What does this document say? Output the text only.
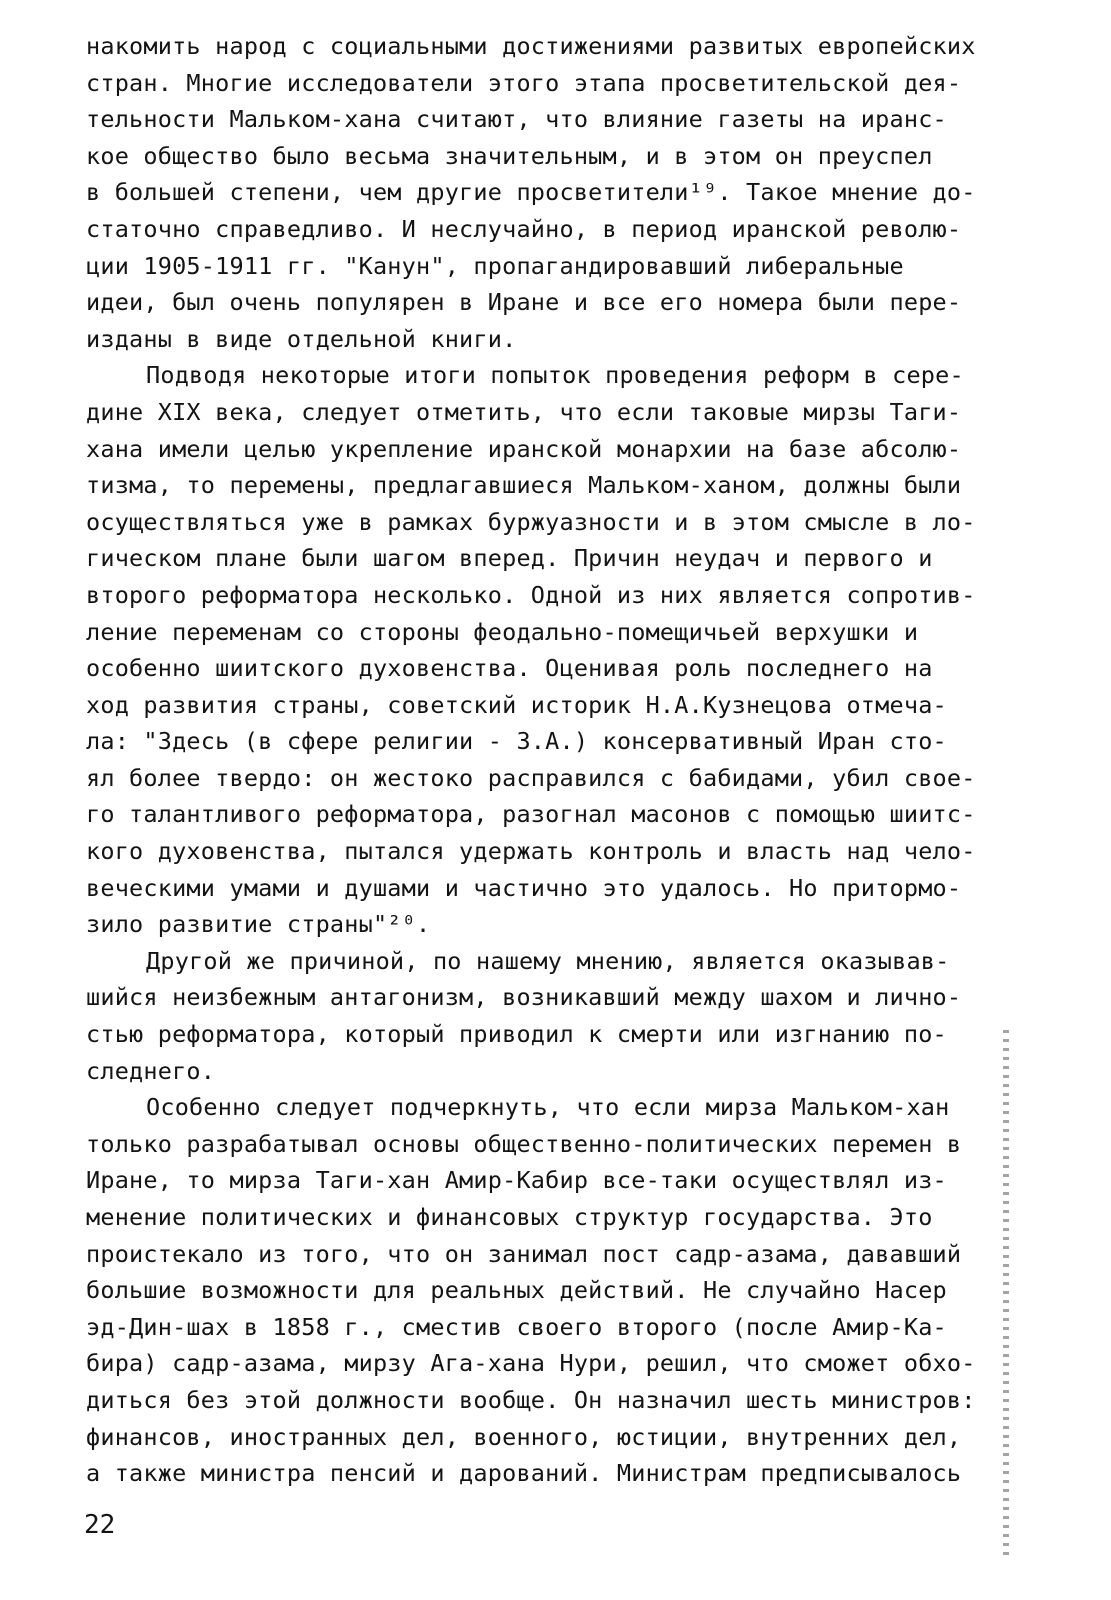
накомить народ с социальными достижениями развитых европейских
стран. Многие исследователи этого этапа просветительской дея-
тельности Мальком-хана считают, что влияние газеты на иранс-
кое общество было весьма значительным, и в этом он преуспел
в большей степени, чем другие просветители¹⁹. Такое мнение до-
статочно справедливо. И неслучайно, в период иранской револю-
ции 1905-1911 гг. "Канун", пропагандировавший либеральные
идеи, был очень популярен в Иране и все его номера были пере-
изданы в виде отдельной книги.
Подводя некоторые итоги попыток проведения реформ в сере-
дине XIX века, следует отметить, что если таковые мирзы Таги-
хана имели целью укрепление иранской монархии на базе абсолю-
тизма, то перемены, предлагавшиеся Мальком-ханом, должны были
осуществляться уже в рамках буржуазности и в этом смысле в ло-
гическом плане были шагом вперед. Причин неудач и первого и
второго реформатора несколько. Одной из них является сопротив-
ление переменам со стороны феодально-помещичьей верхушки и
особенно шиитского духовенства. Оценивая роль последнего на
ход развития страны, советский историк Н.А.Кузнецова отмеча-
ла: "Здесь (в сфере религии - З.А.) консервативный Иран сто-
ял более твердо: он жестоко расправился с бабидами, убил свое-
го талантливого реформатора, разогнал масонов с помощью шиитс-
кого духовенства, пытался удержать контроль и власть над чело-
веческими умами и душами и частично это удалось. Но притормо-
зило развитие страны"²⁰.
Другой же причиной, по нашему мнению, является оказывав-
шийся неизбежным антагонизм, возникавший между шахом и лично-
стью реформатора, который приводил к смерти или изгнанию по-
следнего.
Особенно следует подчеркнуть, что если мирза Мальком-хан
только разрабатывал основы общественно-политических перемен в
Иране, то мирза Таги-хан Амир-Кабир все-таки осуществлял из-
менение политических и финансовых структур государства. Это
проистекало из того, что он занимал пост садр-азама, дававший
большие возможности для реальных действий. Не случайно Насер
эд-Дин-шах в 1858 г., сместив своего второго (после Амир-Ка-
бира) садр-азама, мирзу Ага-хана Нури, решил, что сможет обхо-
диться без этой должности вообще. Он назначил шесть министров:
финансов, иностранных дел, военного, юстиции, внутренних дел,
а также министра пенсий и дарований. Министрам предписывалось
22
